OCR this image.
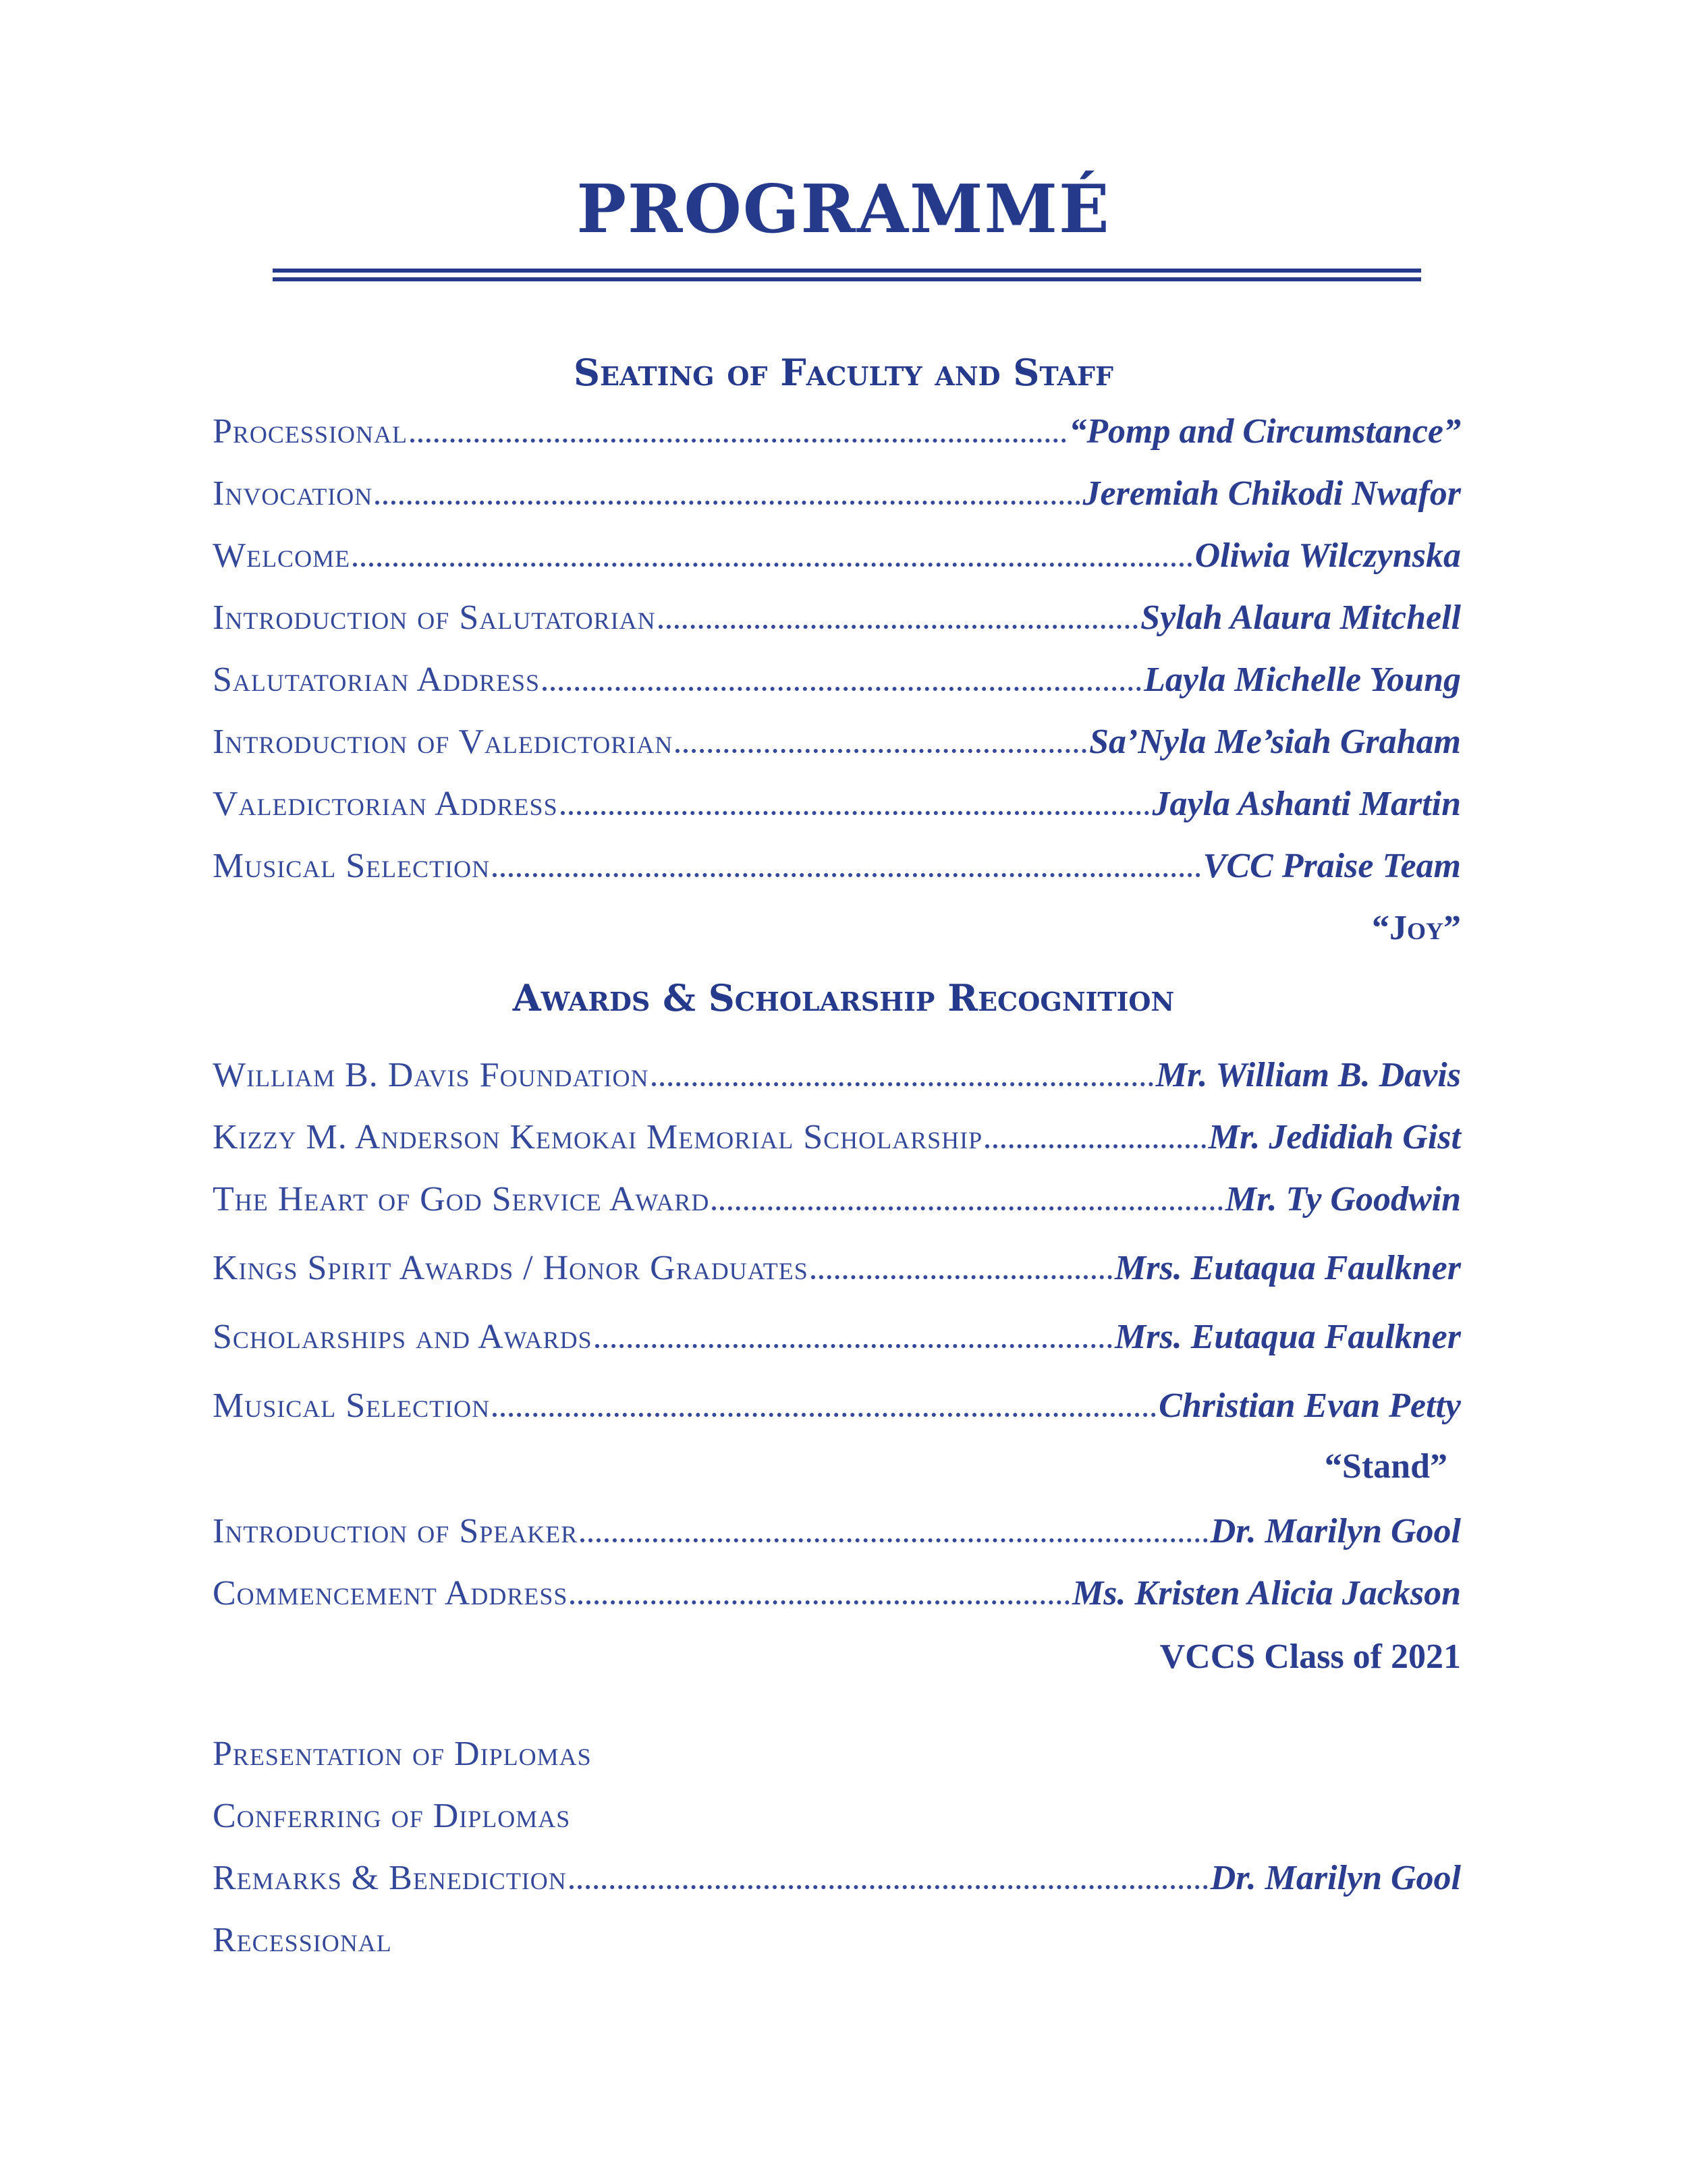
PROGRAMMÉ
Seating of Faculty and Staff
Processional	“Pomp and Circumstance”
Invocation	Jeremiah Chikodi Nwafor
Welcome	Oliwia Wilczynska
Introduction of Salutatorian	Sylah Alaura Mitchell
Salutatorian Address	Layla Michelle Young
Introduction of Valedictorian	Sa’Nyla Me’siah Graham
Valedictorian Address	Jayla Ashanti Martin
Musical Selection	VCC Praise Team
“Joy”
Awards & Scholarship Recognition
William B. Davis Foundation	Mr. William B. Davis
Kizzy M. Anderson Kemokai Memorial Scholarship	Mr. Jedidiah Gist
The Heart of God Service Award	Mr. Ty Goodwin
Kings Spirit Awards / Honor Graduates	Mrs. Eutaqua Faulkner
Scholarships and Awards	Mrs. Eutaqua Faulkner
Musical Selection	Christian Evan Petty
“Stand”
Introduction of Speaker	Dr. Marilyn Gool
Commencement Address	Ms. Kristen Alicia Jackson
VCCS Class of 2021
Presentation of Diplomas
Conferring of Diplomas
Remarks & Benediction	Dr. Marilyn Gool
Recessional
